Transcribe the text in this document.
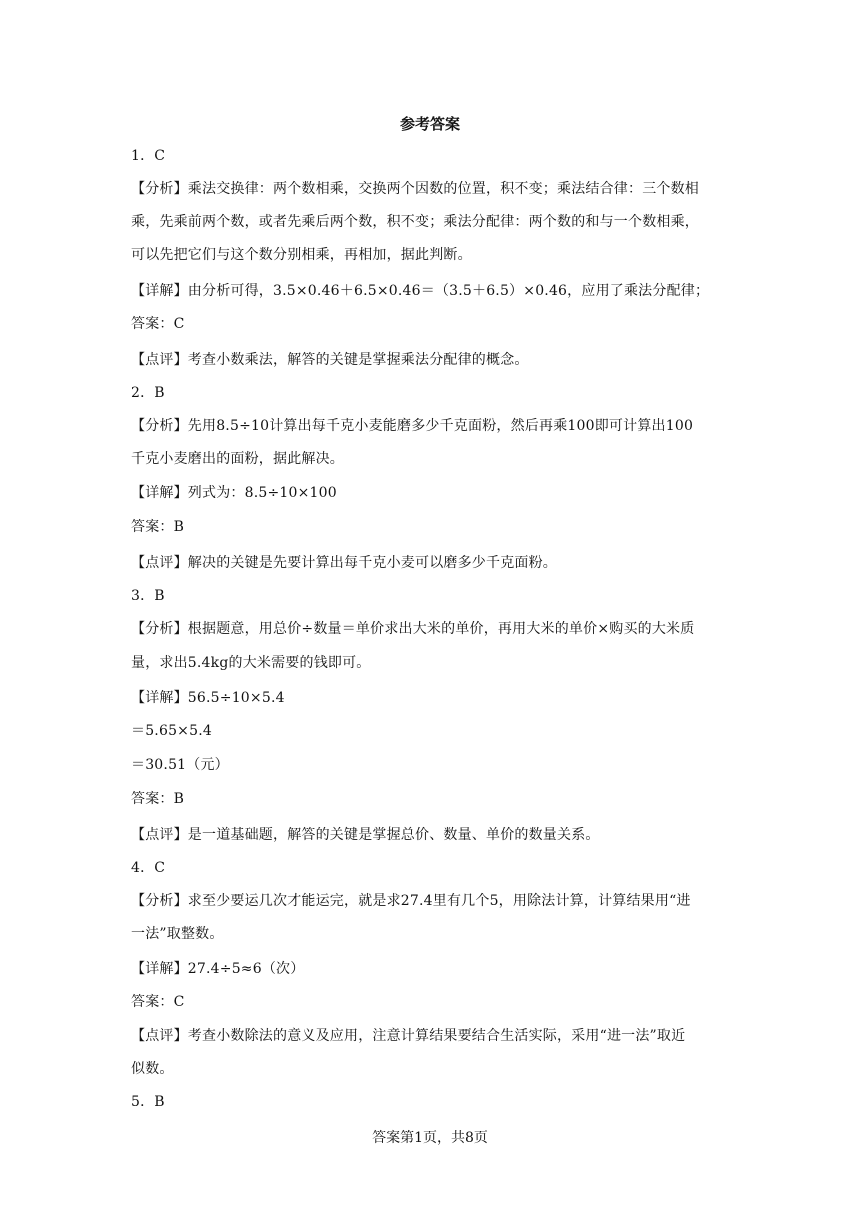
参考答案
1．C
【分析】乘法交换律：两个数相乘，交换两个因数的位置，积不变；乘法结合律：三个数相
乘，先乘前两个数，或者先乘后两个数，积不变；乘法分配律：两个数的和与一个数相乘，
可以先把它们与这个数分别相乘，再相加，据此判断。
【详解】由分析可得，3.5×0.46＋6.5×0.46＝（3.5＋6.5）×0.46，应用了乘法分配律；
答案：C
【点评】考查小数乘法，解答的关键是掌握乘法分配律的概念。
2．B
【分析】先用8.5÷10计算出每千克小麦能磨多少千克面粉，然后再乘100即可计算出100
千克小麦磨出的面粉，据此解决。
【详解】列式为：8.5÷10×100
答案：B
【点评】解决的关键是先要计算出每千克小麦可以磨多少千克面粉。
3．B
【分析】根据题意，用总价÷数量＝单价求出大米的单价，再用大米的单价×购买的大米质
量，求出5.4kg的大米需要的钱即可。
【详解】56.5÷10×5.4
＝5.65×5.4
＝30.51（元）
答案：B
【点评】是一道基础题，解答的关键是掌握总价、数量、单价的数量关系。
4．C
【分析】求至少要运几次才能运完，就是求27.4里有几个5，用除法计算，计算结果用“进
一法”取整数。
【详解】27.4÷5≈6（次）
答案：C
【点评】考查小数除法的意义及应用，注意计算结果要结合生活实际，采用“进一法”取近
似数。
5．B
答案第1页，共8页
